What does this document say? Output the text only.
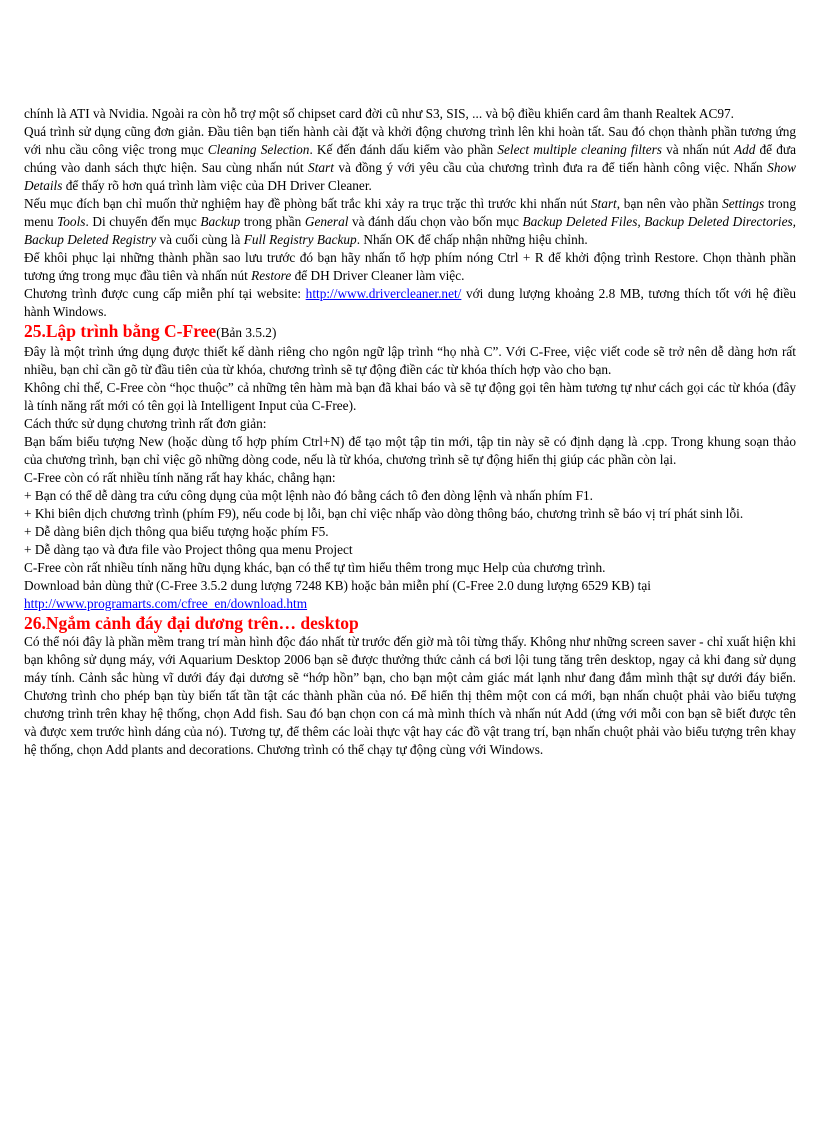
chính là ATI và Nvidia. Ngoài ra còn hỗ trợ một số chipset card đời cũ như S3, SIS, ... và bộ điều khiển card âm thanh Realtek AC97.

Quá trình sử dụng cũng đơn giản. Đầu tiên bạn tiến hành cài đặt và khởi động chương trình lên khi hoàn tất. Sau đó chọn thành phần tương ứng với nhu cầu công việc trong mục Cleaning Selection. Kế đến đánh dấu kiểm vào phần Select multiple cleaning filters và nhấn nút Add để đưa chúng vào danh sách thực hiện. Sau cùng nhấn nút Start và đồng ý với yêu cầu của chương trình đưa ra để tiến hành công việc. Nhấn Show Details để thấy rõ hơn quá trình làm việc của DH Driver Cleaner.

Nếu mục đích bạn chỉ muốn thử nghiệm hay đề phòng bất trắc khi xảy ra trục trặc thì trước khi nhấn nút Start, bạn nên vào phần Settings trong menu Tools. Di chuyển đến mục Backup trong phần General và đánh dấu chọn vào bốn mục Backup Deleted Files, Backup Deleted Directories, Backup Deleted Registry và cuối cùng là Full Registry Backup. Nhấn OK để chấp nhận những hiệu chỉnh.

Để khôi phục lại những thành phần sao lưu trước đó bạn hãy nhấn tổ hợp phím nóng Ctrl + R để khởi động trình Restore. Chọn thành phần tương ứng trong mục đầu tiên và nhấn nút Restore để DH Driver Cleaner làm việc.

Chương trình được cung cấp miễn phí tại website: http://www.drivercleaner.net/ với dung lượng khoảng 2.8 MB, tương thích tốt với hệ điều hành Windows.

25.Lập trình bằng C-Free(Bản 3.5.2)

Đây là một trình ứng dụng được thiết kế dành riêng cho ngôn ngữ lập trình “họ nhà C”. Với C-Free, việc viết code sẽ trở nên dễ dàng hơn rất nhiều, bạn chỉ cần gõ từ đầu tiên của từ khóa, chương trình sẽ tự động điền các từ khóa thích hợp vào cho bạn.

Không chỉ thế, C-Free còn “học thuộc” cả những tên hàm mà bạn đã khai báo và sẽ tự động gọi tên hàm tương tự như cách gọi các từ khóa (đây là tính năng rất mới có tên gọi là Intelligent Input của C-Free).

Cách thức sử dụng chương trình rất đơn giản:

Bạn bấm biểu tượng New (hoặc dùng tổ hợp phím Ctrl+N) để tạo một tập tin mới, tập tin này sẽ có định dạng là .cpp. Trong khung soạn thảo của chương trình, bạn chỉ việc gõ những dòng code, nếu là từ khóa, chương trình sẽ tự động hiển thị giúp các phần còn lại.

C-Free còn có rất nhiều tính năng rất hay khác, chẳng hạn:

+ Bạn có thể dễ dàng tra cứu công dụng của một lệnh nào đó bằng cách tô đen dòng lệnh và nhấn phím F1.

+ Khi biên dịch chương trình (phím F9), nếu code bị lỗi, bạn chỉ việc nhấp vào dòng thông báo, chương trình sẽ báo vị trí phát sinh lỗi.

+ Dễ dàng biên dịch thông qua biểu tượng hoặc phím F5.

+ Dễ dàng tạo và đưa file vào Project thông qua menu Project

C-Free còn rất nhiều tính năng hữu dụng khác, bạn có thể tự tìm hiểu thêm trong mục Help của chương trình.

Download bản dùng thử (C-Free 3.5.2 dung lượng 7248 KB) hoặc bản miễn phí (C-Free 2.0 dung lượng 6529 KB) tại

http://www.programarts.com/cfree_en/download.htm

26.Ngắm cảnh đáy đại dương trên… desktop

Có thể nói đây là phần mềm trang trí màn hình độc đáo nhất từ trước đến giờ mà tôi từng thấy. Không như những screen saver - chỉ xuất hiện khi bạn không sử dụng máy, với Aquarium Desktop 2006 bạn sẽ được thưởng thức cảnh cá bơi lội tung tăng trên desktop, ngay cả khi đang sử dụng máy tính. Cảnh sắc hùng vĩ dưới đáy đại dương sẽ “hớp hồn” bạn, cho bạn một cảm giác mát lạnh như đang đắm mình thật sự dưới đáy biển. Chương trình cho phép bạn tùy biến tất tần tật các thành phần của nó. Để hiển thị thêm một con cá mới, bạn nhấn chuột phải vào biểu tượng chương trình trên khay hệ thống, chọn Add fish. Sau đó bạn chọn con cá mà mình thích và nhấn nút Add (ứng với mỗi con bạn sẽ biết được tên và được xem trước hình dáng của nó). Tương tự, để thêm các loài thực vật hay các đồ vật trang trí, bạn nhấn chuột phải vào biểu tượng trên khay hệ thống, chọn Add plants and decorations. Chương trình có thể chạy tự động cùng với Windows.
